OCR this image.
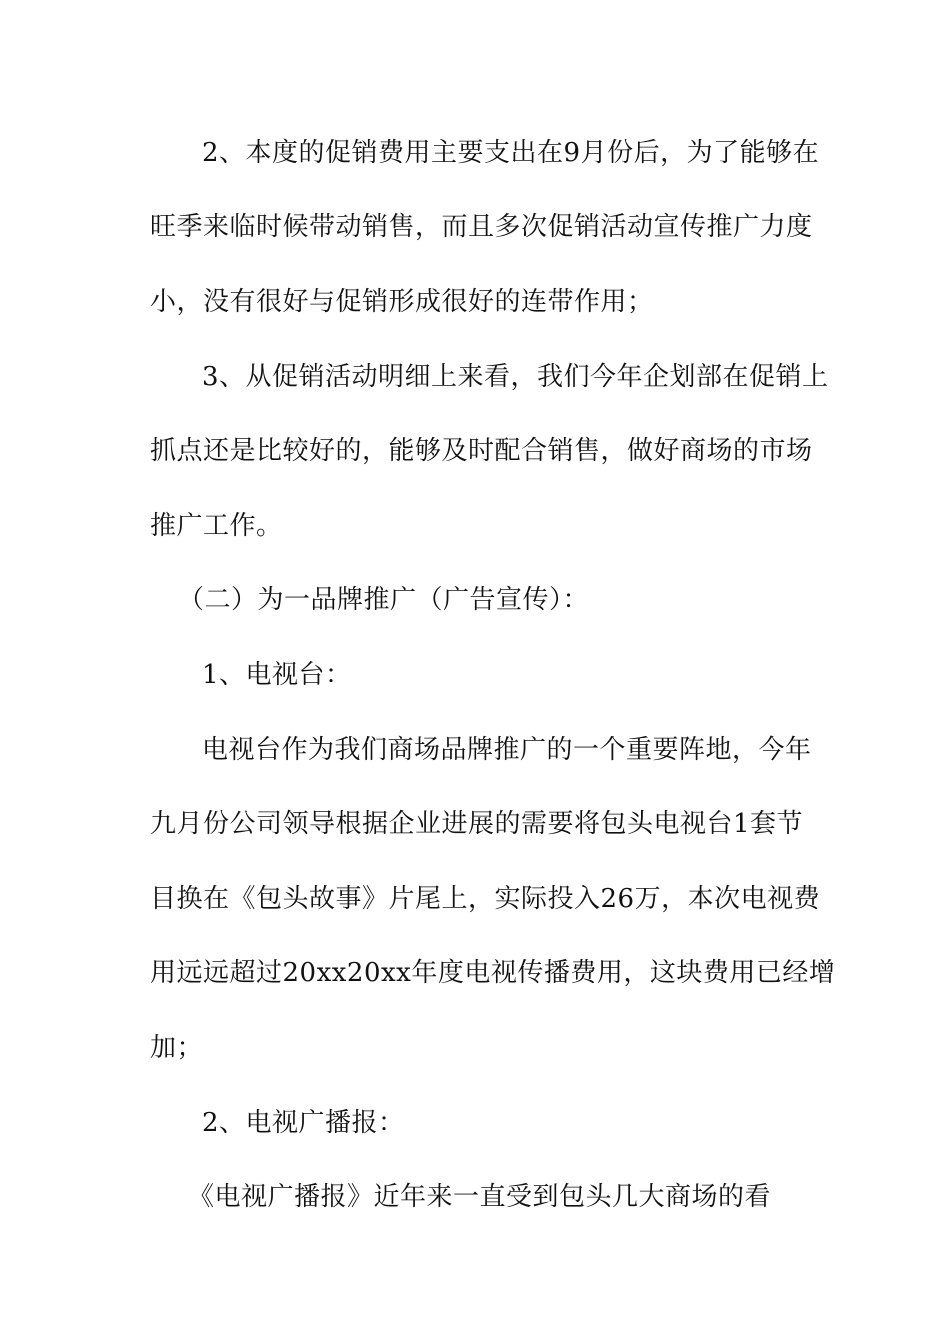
2、本度的促销费用主要支出在9月份后，为了能够在
旺季来临时候带动销售，而且多次促销活动宣传推广力度
小，没有很好与促销形成很好的连带作用；
3、从促销活动明细上来看，我们今年企划部在促销上
抓点还是比较好的，能够及时配合销售，做好商场的市场
推广工作。
（二）为一品牌推广（广告宣传）：
1、电视台：
电视台作为我们商场品牌推广的一个重要阵地，今年
九月份公司领导根据企业进展的需要将包头电视台1套节
目换在《包头故事》片尾上，实际投入26万，本次电视费
用远远超过20xx20xx年度电视传播费用，这块费用已经增
加；
2、电视广播报：
《电视广播报》近年来一直受到包头几大商场的看
